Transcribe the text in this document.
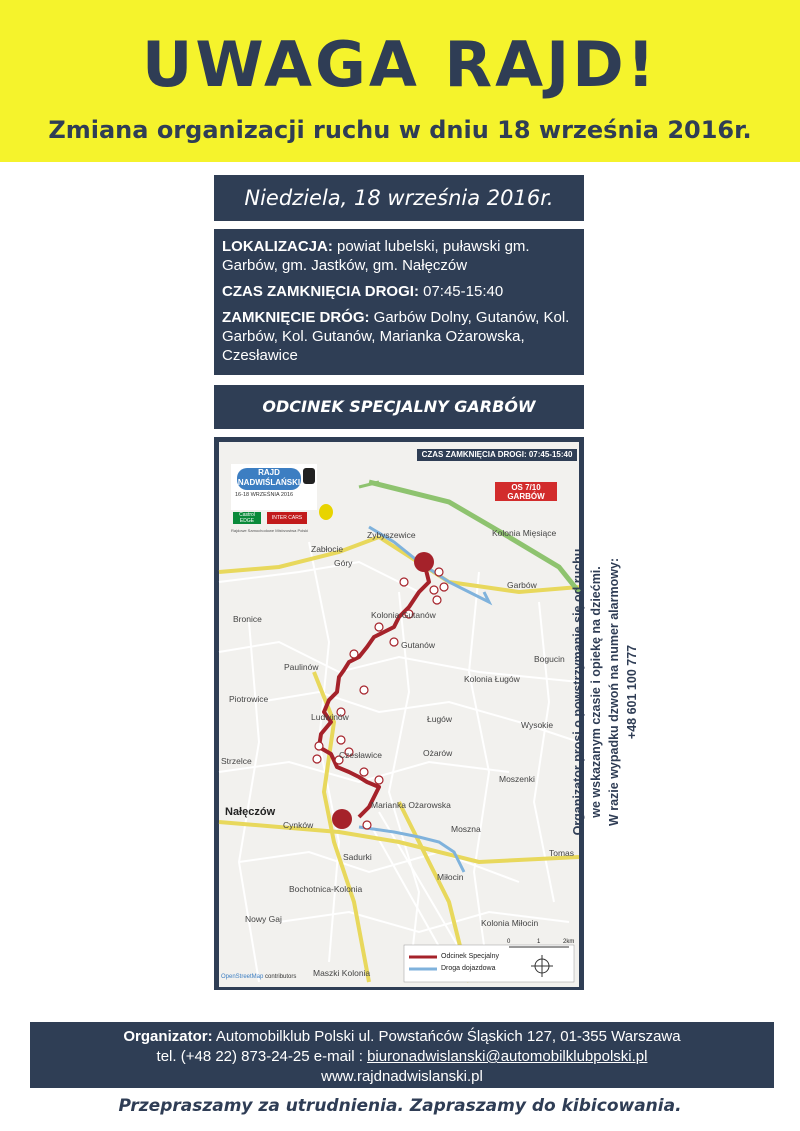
UWAGA RAJD!
Zmiana organizacji ruchu w dniu 18 września 2016r.
Niedziela, 18 września 2016r.

LOKALIZACJA: powiat lubelski, puławski gm. Garbów, gm. Jastków, gm. Nałęczów

CZAS ZAMKNIĘCIA DROGI: 07:45-15:40

ZAMKNIĘCIE DRÓG: Garbów Dolny, Gutanów, Kol. Garbów, Kol. Gutanów, Marianka Ożarowska, Czesławice

ODCINEK SPECJALNY GARBÓW
CZAS ZAMKNIĘCIA DROGI: 07:45-15:40
OS 7/10
GARBÓW
RAJD
NADWIŚLAŃSKI
16-18 WRZEŚNIA 2016
Castrol EDGE	INTER CARS
Rajdowe Samochodowe Mistrzostwa Polski
Zabłocie
Góry
Zybyszewice	Kolonia Mięsiące
Garbów
Bronice	Kolonia Gutanów
Gutanów
Bogucin
Paulinów
Kolonia Ługów
Piotrowice
Ludwinów	Ługów
Wysokie
Czesławice	Ożarów
Strzelce
Moszenki
Nałęczów
Marianka Ożarowska
Cynków	Moszna
Sadurki	Tomas
Bochotnica-Kolonia
Miłocin
Nowy Gaj	Kolonia Miłocin
Maszki Kolonia
Odcinek Specjalny
Droga dojazdowa
0	1	2km
OpenStreetMap contributors
Organizator prosi o powstrzymanie się od ruchu we wskazanym czasie i opiekę na dziećmi. W razie wypadku dzwoń na numer alarmowy: +48 601 100 777
Organizator: Automobilklub Polski ul. Powstańców Śląskich 127, 01-355 Warszawa
tel. (+48 22) 873-24-25 e-mail : biuronadwislanski@automobilklubpolski.pl
www.rajdnadwislanski.pl
Przepraszamy za utrudnienia. Zapraszamy do kibicowania.
